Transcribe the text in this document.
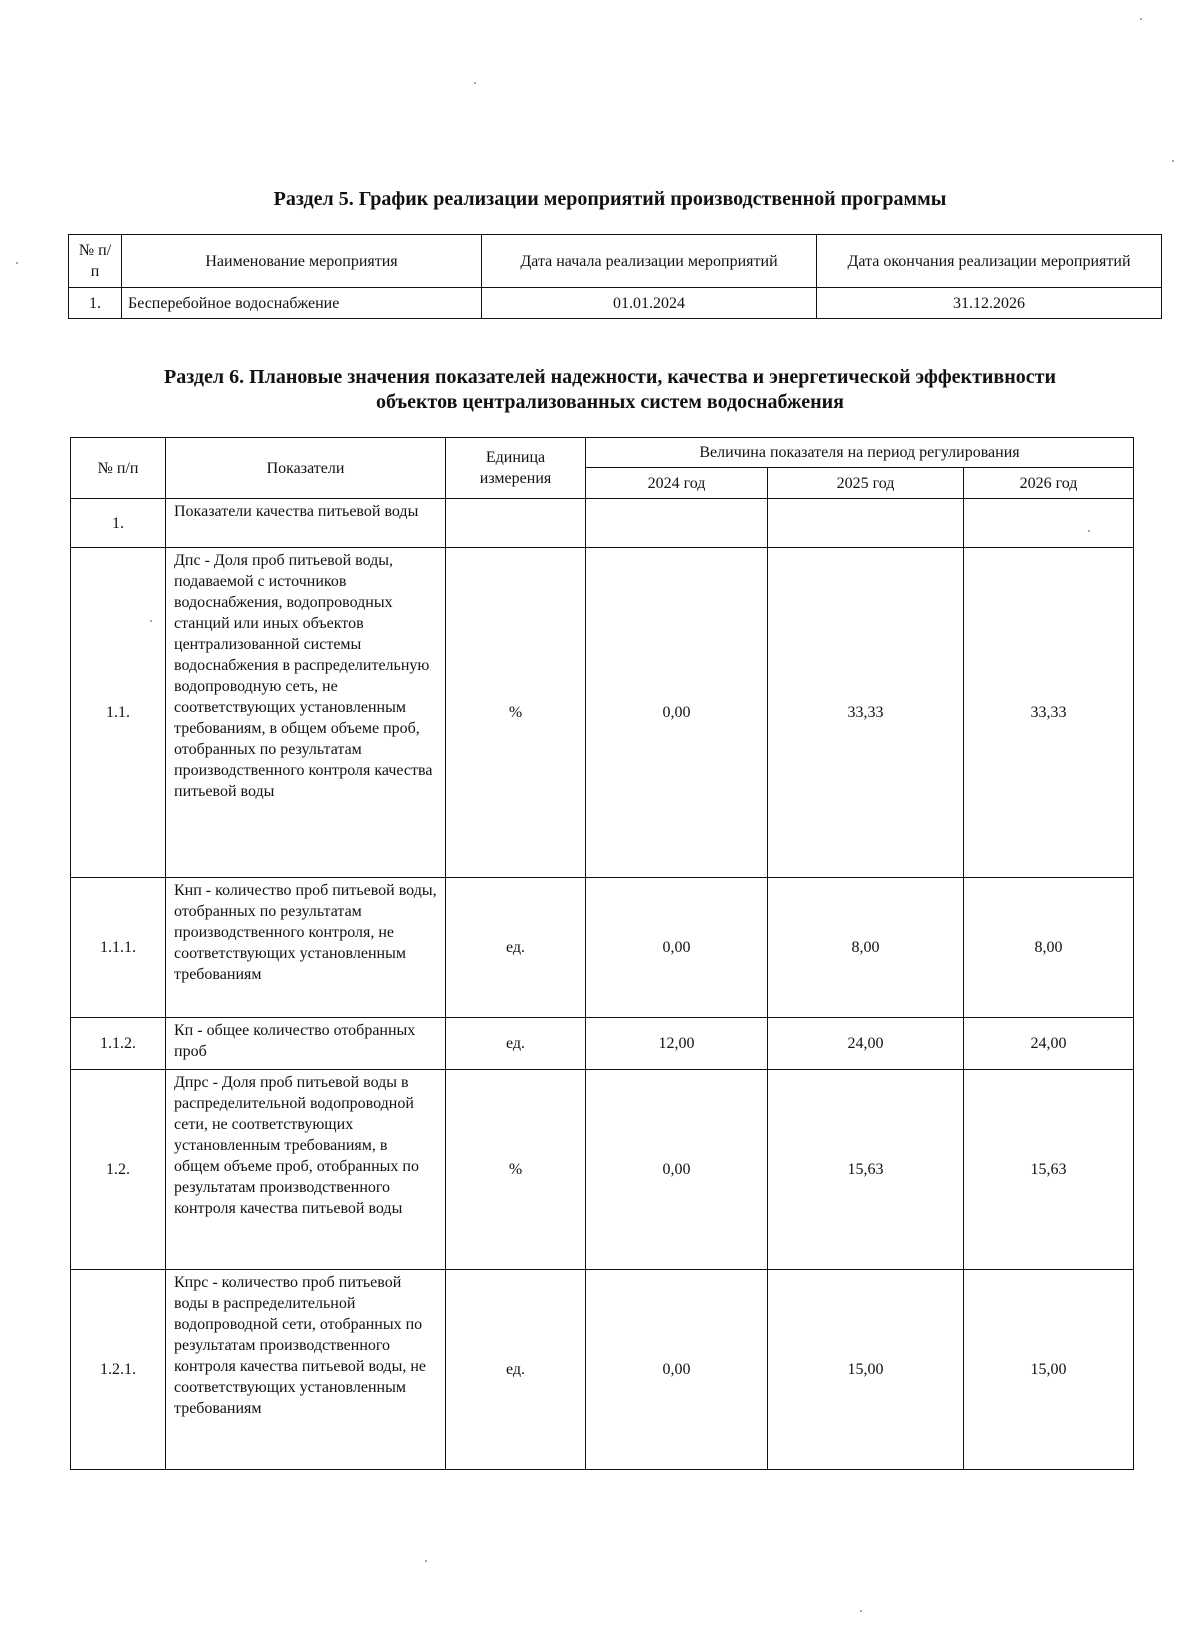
Раздел 5. График реализации мероприятий производственной программы
№ п/п	Наименование мероприятия	Дата начала реализации мероприятий	Дата окончания реализации мероприятий
1.	Бесперебойное водоснабжение	01.01.2024	31.12.2026
Раздел 6. Плановые значения показателей надежности, качества и энергетической эффективности
объектов централизованных систем водоснабжения
№ п/п	Показатели	Единица измерения	Величина показателя на период регулирования		
			2024 год	2025 год	2026 год
1.	Показатели качества питьевой воды				
1.1.	Дпс - Доля проб питьевой воды, подаваемой с источников водоснабжения, водопроводных станций или иных объектов централизованной системы водоснабжения в распределительную водопроводную сеть, не соответствующих установленным требованиям, в общем объеме проб, отобранных по результатам производственного контроля качества питьевой воды	%	0,00	33,33	33,33
1.1.1.	Кнп - количество проб питьевой воды, отобранных по результатам производственного контроля, не соответствующих установленным требованиям	ед.	0,00	8,00	8,00
1.1.2.	Кп - общее количество отобранных проб	ед.	12,00	24,00	24,00
1.2.	Дпрс - Доля проб питьевой воды в распределительной водопроводной сети, не соответствующих установленным требованиям, в общем объеме проб, отобранных по результатам производственного контроля качества питьевой воды	%	0,00	15,63	15,63
1.2.1.	Кпрс - количество проб питьевой воды в распределительной водопроводной сети, отобранных по результатам производственного контроля качества питьевой воды, не соответствующих установленным требованиям	ед.	0,00	15,00	15,00
